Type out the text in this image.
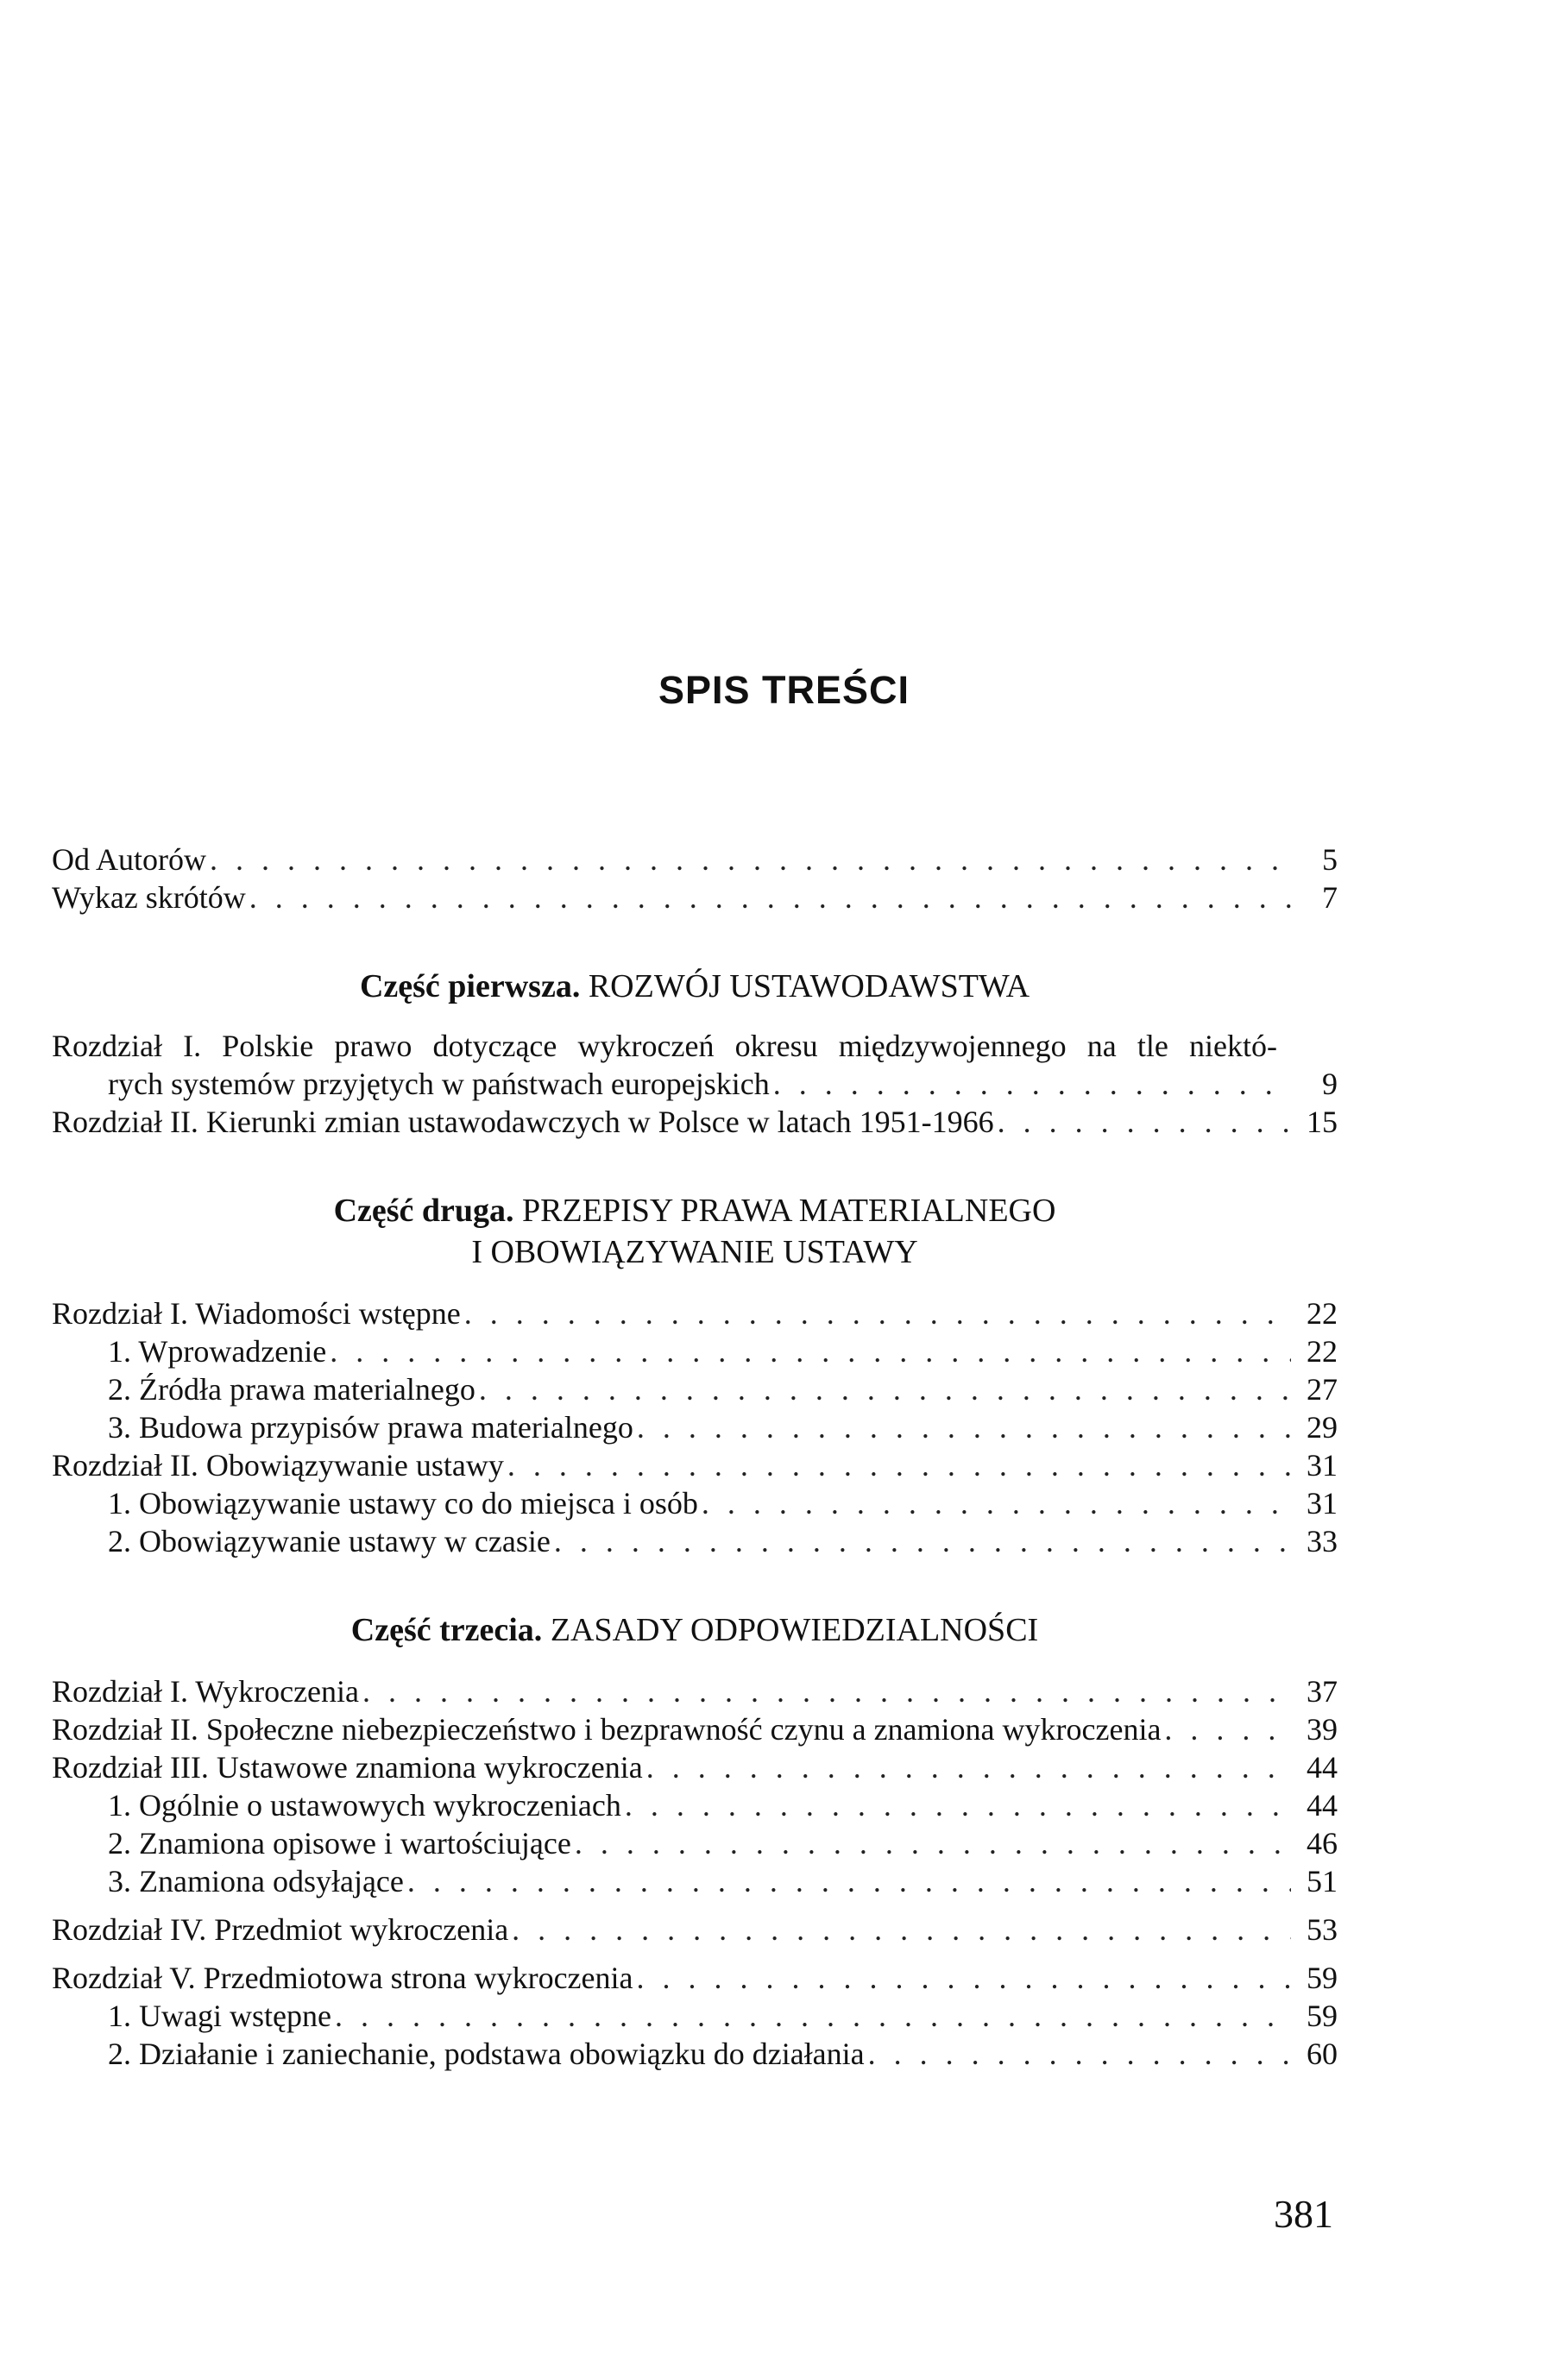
SPIS TREŚCI
Od Autorów . . .	5
Wykaz skrótów . . .	7
Część pierwsza. ROZWÓJ USTAWODAWSTWA
Rozdział I. Polskie prawo dotyczące wykroczeń okresu międzywojennego na tle niektó-
rych systemów przyjętych w państwach europejskich . . .	9
Rozdział II. Kierunki zmian ustawodawczych w Polsce w latach 1951-1966 . . .	15
Część druga. PRZEPISY PRAWA MATERIALNEGO
I OBOWIĄZYWANIE USTAWY
Rozdział I. Wiadomości wstępne . . .	22
1. Wprowadzenie . . .	22
2. Źródła prawa materialnego . . .	27
3. Budowa przypisów prawa materialnego . . .	29
Rozdział II. Obowiązywanie ustawy . . .	31
1. Obowiązywanie ustawy co do miejsca i osób . . .	31
2. Obowiązywanie ustawy w czasie . . .	33
Część trzecia. ZASADY ODPOWIEDZIALNOŚCI
Rozdział I. Wykroczenia . . .	37
Rozdział II. Społeczne niebezpieczeństwo i bezprawność czynu a znamiona wykroczenia . . .	39
Rozdział III. Ustawowe znamiona wykroczenia . . .	44
1. Ogólnie o ustawowych wykroczeniach . . .	44
2. Znamiona opisowe i wartościujące . . .	46
3. Znamiona odsyłające . . .	51
Rozdział IV. Przedmiot wykroczenia . . .	53
Rozdział V. Przedmiotowa strona wykroczenia . . .	59
1. Uwagi wstępne . . .	59
2. Działanie i zaniechanie, podstawa obowiązku do działania . . .	60
381
